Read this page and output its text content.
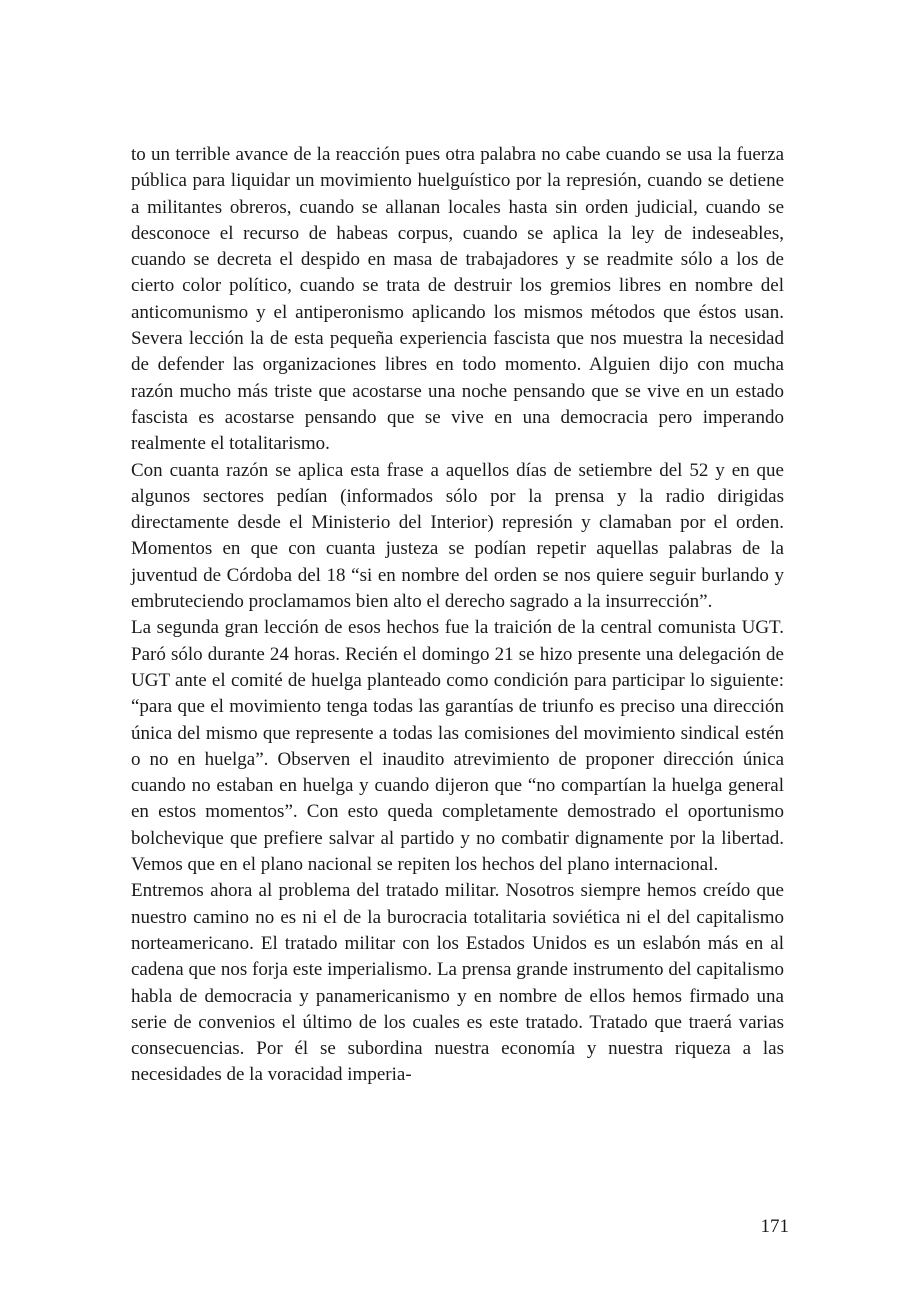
to un terrible avance de la reacción pues otra palabra no cabe cuando se usa la fuerza pública para liquidar un movimiento huelguístico por la represión, cuando se detiene a militantes obreros, cuando se allanan locales hasta sin orden judicial, cuando se desconoce el recurso de habeas corpus, cuando se aplica la ley de indeseables, cuando se decreta el despido en masa de trabajadores y se readmite sólo a los de cierto color político, cuando se trata de destruir los gremios libres en nombre del anticomunismo y el antiperonismo aplicando los mismos métodos que éstos usan. Severa lección la de esta pequeña experiencia fascista que nos muestra la necesidad de defender las organizaciones libres en todo momento. Alguien dijo con mucha razón mucho más triste que acostarse una noche pensando que se vive en un estado fascista es acostarse pensando que se vive en una democracia pero imperando realmente el totalitarismo.

Con cuanta razón se aplica esta frase a aquellos días de setiembre del 52 y en que algunos sectores pedían (informados sólo por la prensa y la radio dirigidas directamente desde el Ministerio del Interior) represión y clamaban por el orden. Momentos en que con cuanta justeza se podían repetir aquellas palabras de la juventud de Córdoba del 18 “si en nombre del orden se nos quiere seguir burlando y embruteciendo proclamamos bien alto el derecho sagrado a la insurrección”.

La segunda gran lección de esos hechos fue la traición de la central comunista UGT. Paró sólo durante 24 horas. Recién el domingo 21 se hizo presente una delegación de UGT ante el comité de huelga planteado como condición para participar lo siguiente: “para que el movimiento tenga todas las garantías de triunfo es preciso una dirección única del mismo que represente a todas las comisiones del movimiento sindical estén o no en huelga”. Observen el inaudito atrevimiento de proponer dirección única cuando no estaban en huelga y cuando dijeron que “no compartían la huelga general en estos momentos”. Con esto queda completamente demostrado el oportunismo bolchevique que prefiere salvar al partido y no combatir dignamente por la libertad. Vemos que en el plano nacional se repiten los hechos del plano internacional.

Entremos ahora al problema del tratado militar. Nosotros siempre hemos creído que nuestro camino no es ni el de la burocracia totalitaria soviética ni el del capitalismo norteamericano. El tratado militar con los Estados Unidos es un eslabón más en al cadena que nos forja este imperialismo. La prensa grande instrumento del capitalismo habla de democracia y panamericanismo y en nombre de ellos hemos firmado una serie de convenios el último de los cuales es este tratado. Tratado que traerá varias consecuencias. Por él se subordina nuestra economía y nuestra riqueza a las necesidades de la voracidad imperia-

171
